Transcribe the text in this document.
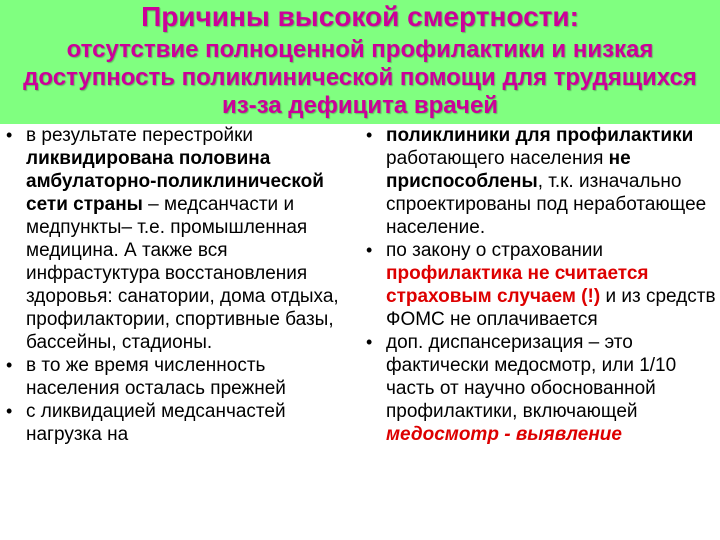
Причины высокой смертности:
отсутствие полноценной профилактики и низкая доступность поликлинической помощи для трудящихся из-за дефицита врачей
• в результате перестройки ликвидирована половина амбулаторно-поликлинической сети страны – медсанчасти и медпункты– т.е. промышленная медицина. А также вся инфрастуктура восстановления здоровья: санатории, дома отдыха, профилактории, спортивные базы, бассейны, стадионы.
• в то же время численность населения осталась прежней
• с ликвидацией медсанчастей нагрузка на
• поликлиники для профилактики работающего населения не приспособлены, т.к. изначально спроектированы под неработающее население.
• по закону о страховании профилактика не считается страховым случаем (!) и из средств ФОМС не оплачивается
• доп. диспансеризация – это фактически медосмотр, или 1/10 часть от научно обоснованной профилактики, включающей медосмотр - выявление
